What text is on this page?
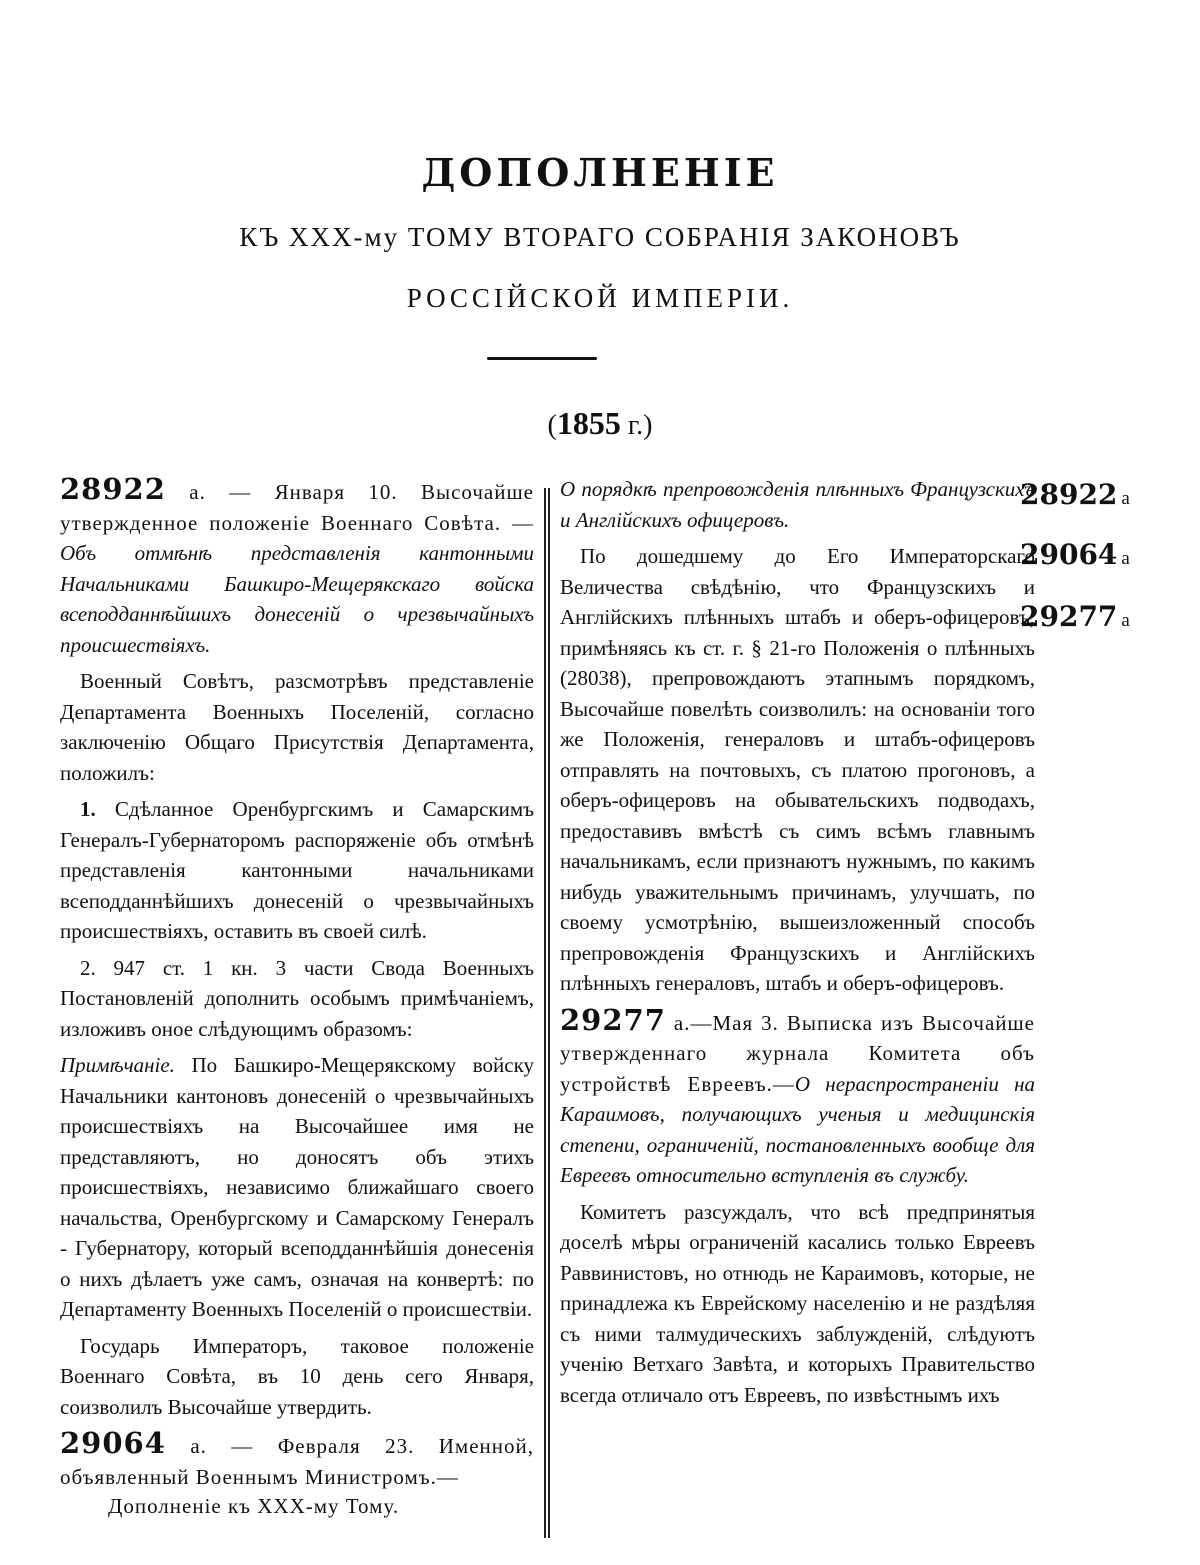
ДОПОЛНЕНІЕ
КЪ XXX-му ТОМУ ВТОРАГО СОБРАНІЯ ЗАКОНОВЪ
РОССІЙСКОЙ ИМПЕРІИ.
(1855 г.)

28922 а. — Января 10. Высочайше утвержденное положеніе Военнаго Совѣта. — Объ отмѣнѣ представленія кантонными Начальниками Башкиро-Мещерякскаго войска всеподданнѣйшихъ донесеній о чрезвычайныхъ происшествіяхъ.

Военный Совѣтъ, разсмотрѣвъ представленіе Департамента Военныхъ Поселеній, согласно заключенію Общаго Присутствія Департамента, положилъ:

1. Сдѣланное Оренбургскимъ и Самарскимъ Генералъ-Губернаторомъ распоряженіе объ отмѣнѣ представленія кантонными начальниками всеподданнѣйшихъ донесеній о чрезвычайныхъ происшествіяхъ, оставить въ своей силѣ.

2. 947 ст. 1 кн. 3 части Свода Военныхъ Постановленій дополнить особымъ примѣчаніемъ, изложивъ оное слѣдующимъ образомъ:

Примѣчаніе. По Башкиро-Мещерякскому войску Начальники кантоновъ донесеній о чрезвычайныхъ происшествіяхъ на Высочайшее имя не представляютъ, но доносятъ объ этихъ происшествіяхъ, независимо ближайшаго своего начальства, Оренбургскому и Самарскому Генералъ - Губернатору, который всеподданнѣйшія донесенія о нихъ дѣлаетъ уже самъ, означая на конвертѣ: по Департаменту Военныхъ Поселеній о происшествіи.

Государь Императоръ, таковое положеніе Военнаго Совѣта, въ 10 день сего Января, соизволилъ Высочайше утвердить.

29064 а. — Февраля 23. Именной, объявленный Военнымъ Министромъ.—

О порядкѣ препровожденія плѣнныхъ Французскихъ и Англійскихъ офицеровъ.

По дошедшему до Его Императорскаго Величества свѣдѣнію, что Французскихъ и Англійскихъ плѣнныхъ штабъ и оберъ-офицеровъ, примѣняясь къ ст. г. § 21-го Положенія о плѣнныхъ (28038), препровождаютъ этапнымъ порядкомъ, Высочайше повелѣть соизволилъ: на основаніи того же Положенія, генераловъ и штабъ-офицеровъ отправлять на почтовыхъ, съ платою прогоновъ, а оберъ-офицеровъ на обывательскихъ подводахъ, предоставивъ вмѣстѣ съ симъ всѣмъ главнымъ начальникамъ, если признаютъ нужнымъ, по какимъ нибудь уважительнымъ причинамъ, улучшать, по своему усмотрѣнію, вышеизложенный способъ препровожденія Французскихъ и Англійскихъ плѣнныхъ генераловъ, штабъ и оберъ-офицеровъ.

29277 а.—Мая 3. Выписка изъ Высочайше утвержденнаго журнала Комитета объ устройствѣ Евреевъ.—О нераспространеніи на Караимовъ, получающихъ ученыя и медицинскія степени, ограниченій, постановленныхъ вообще для Евреевъ относительно вступленія въ службу.

Комитетъ разсуждалъ, что всѣ предпринятыя доселѣ мѣры ограниченій касались только Евреевъ Раввинистовъ, но отнюдь не Караимовъ, которые, не принадлежа къ Еврейскому населенію и не раздѣляя съ ними талмудическихъ заблужденій, слѣдуютъ ученію Ветхаго Завѣта, и которыхъ Правительство всегда отличало отъ Евреевъ, по извѣстнымъ ихъ

28922 а
29064 а
29277 а
Дополненіе къ XXX-му Тому.
